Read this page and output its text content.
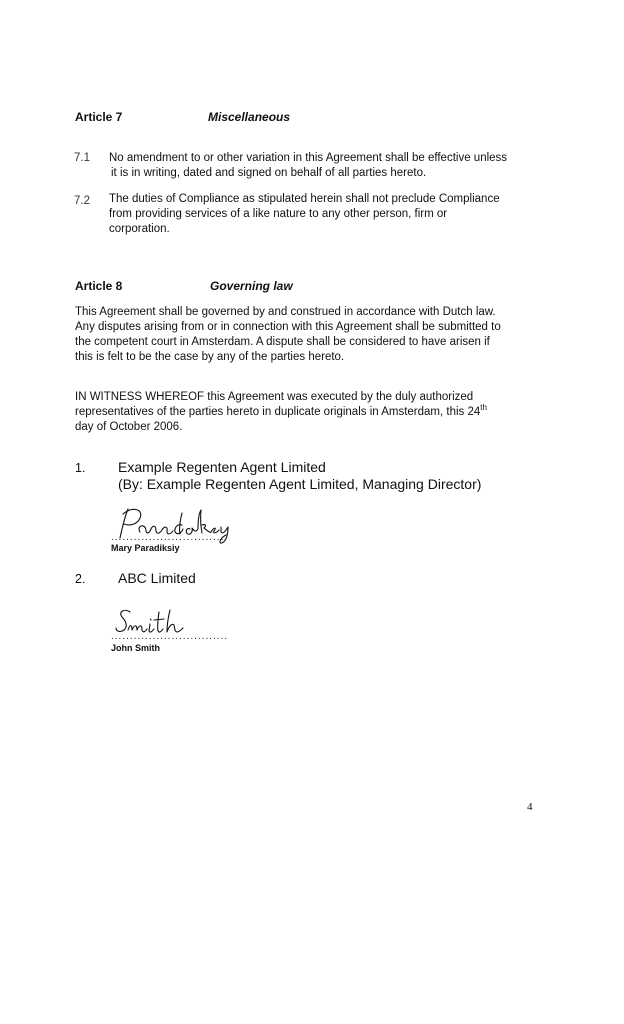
Article 7	Miscellaneous
7.1 No amendment to or other variation in this Agreement shall be effective unless
it is in writing, dated and signed on behalf of all parties hereto.
7.2 The duties of Compliance as stipulated herein shall not preclude Compliance
from providing services of a like nature to any other person, firm or
corporation.
Article 8	Governing law
This Agreement shall be governed by and construed in accordance with Dutch law.
Any disputes arising from or in connection with this Agreement shall be submitted to
the competent court in Amsterdam. A dispute shall be considered to have arisen if
this is felt to be the case by any of the parties hereto.
IN WITNESS WHEREOF this Agreement was executed by the duly authorized
representatives of the parties hereto in duplicate originals in Amsterdam, this 24th
day of October 2006.
1. Example Regenten Agent Limited
(By: Example Regenten Agent Limited, Managing Director)
..............................
Mary Paradiksiy
2. ABC Limited
...............................
John Smith
4
